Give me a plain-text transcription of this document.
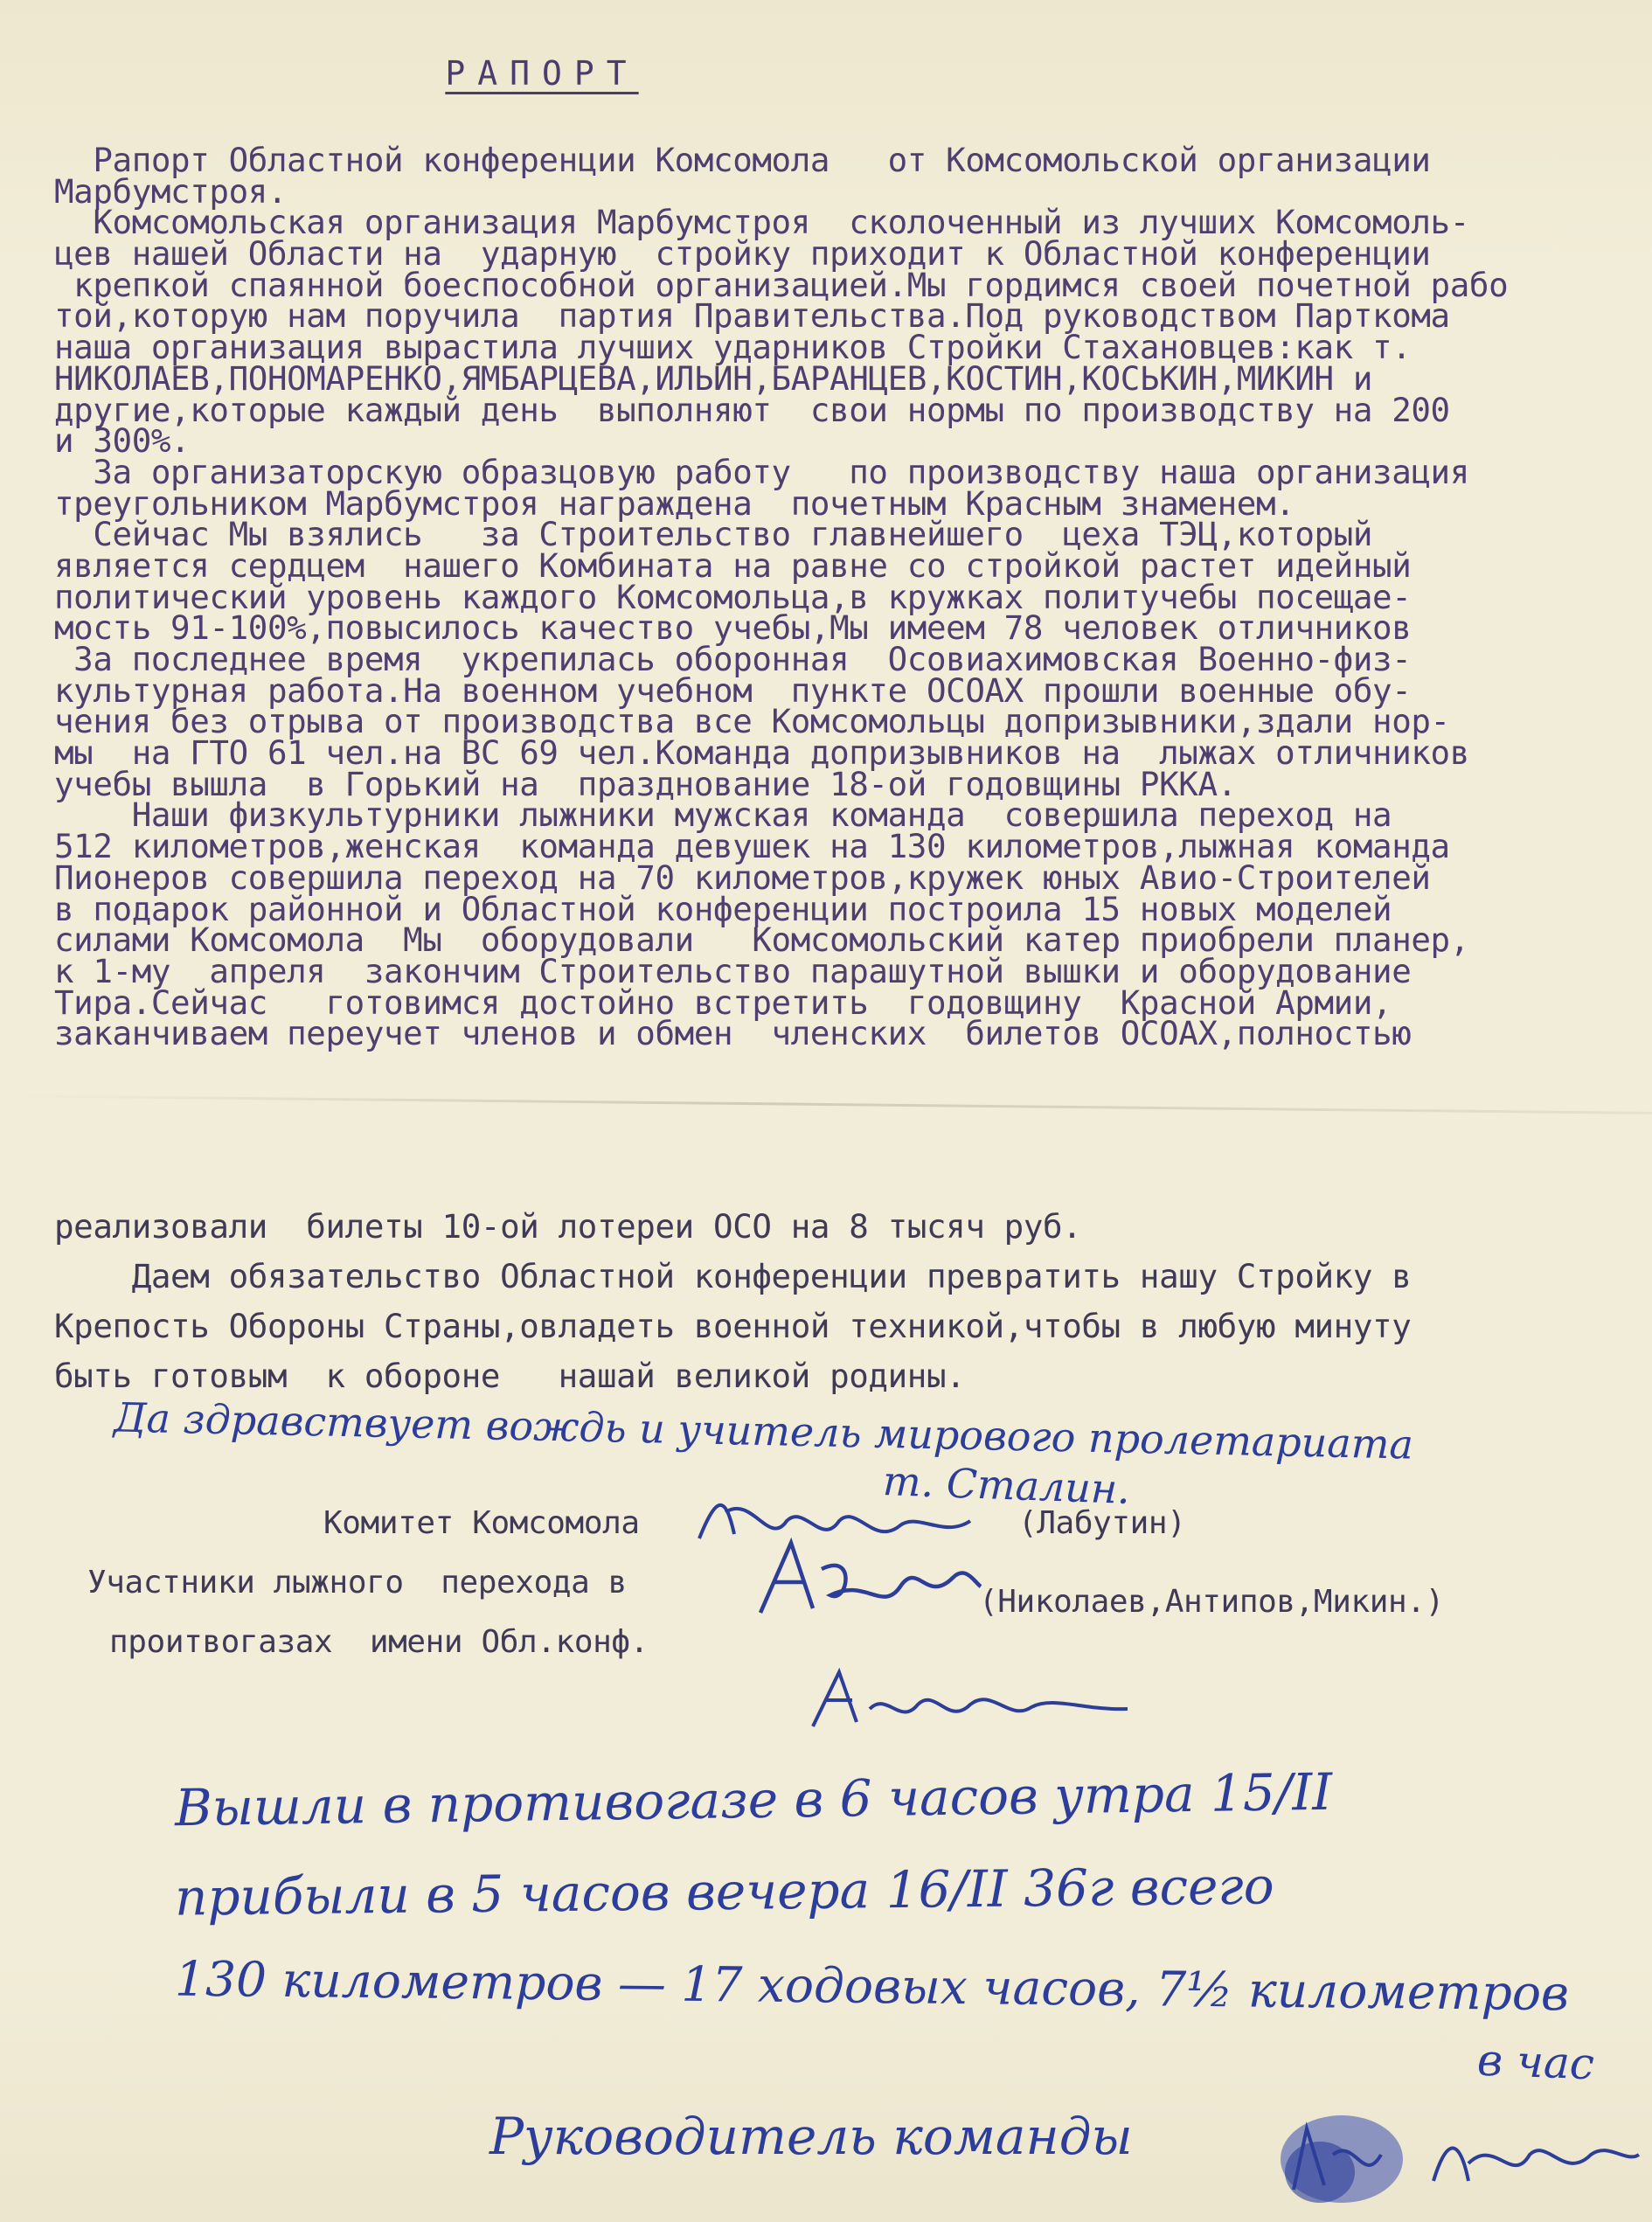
РАПОРТ
Рапорт Областной конференции Комсомола   от Комсомольской организации
Марбумстроя.
Комсомольская организация Марбумстроя  сколоченный из лучших Комсомоль-
цев нашей Области на  ударную  стройку приходит к Областной конференции
крепкой спаянной боеспособной организацией.Мы гордимся своей почетной рабо
той,которую нам поручила  партия Правительства.Под руководством Парткома
наша организация вырастила лучших ударников Стройки Стахановцев:как т.
НИКОЛАЕВ,ПОНОМАРЕНКО,ЯМБАРЦЕВА,ИЛЬИН,БАРАНЦЕВ,КОСТИН,КОСЬКИН,МИКИН и
другие,которые каждый день  выполняют  свои нормы по производству на 200
и 300%.
За организаторскую образцовую работу   по производству наша организация
треугольником Марбумстроя награждена  почетным Красным знаменем.
Сейчас Мы взялись   за Строительство главнейшего  цеха ТЭЦ,который
является сердцем  нашего Комбината на равне со стройкой растет идейный
политический уровень каждого Комсомольца,в кружках политучебы посещае-
мость 91-100%,повысилось качество учебы,Мы имеем 78 человек отличников
За последнее время  укрепилась оборонная  Осовиахимовская Военно-физ-
культурная работа.На военном учебном  пункте ОСОАХ прошли военные обу-
чения без отрыва от производства все Комсомольцы допризывники,здали нор-
мы  на ГТО 61 чел.на ВС 69 чел.Команда допризывников на  лыжах отличников
учебы вышла  в Горький на  празднование 18-ой годовщины РККА.
Наши физкультурники лыжники мужская команда  совершила переход на
512 километров,женская  команда девушек на 130 километров,лыжная команда
Пионеров совершила переход на 70 километров,кружек юных Авио-Строителей
в подарок районной и Областной конференции построила 15 новых моделей
силами Комсомола  Мы  оборудовали   Комсомольский катер приобрели планер,
к 1-му  апреля  закончим Строительство парашутной вышки и оборудование
Тира.Сейчас   готовимся достойно встретить  годовщину  Красной Армии,
заканчиваем переучет членов и обмен  членских  билетов ОСОАХ,полностью
реализовали  билеты 10-ой лотереи ОСО на 8 тысяч руб.
Даем обязательство Областной конференции превратить нашу Стройку в
Крепость Обороны Страны,овладеть военной техникой,чтобы в любую минуту
быть готовым  к обороне   нашай великой родины.
Да здравствует вождь и учитель мирового пролетариата
т. Сталин.
Комитет Комсомола	(Лабутин)
Участники лыжного  перехода в
проитвогазах  имени Обл.конф.
(Николаев,Антипов,Микин.)
Вышли в противогазе в 6 часов утра 15/II
прибыли в 5 часов вечера 16/II 36г всего
130 километров — 17 ходовых часов, 7½ километров
в час
Руководитель команды
